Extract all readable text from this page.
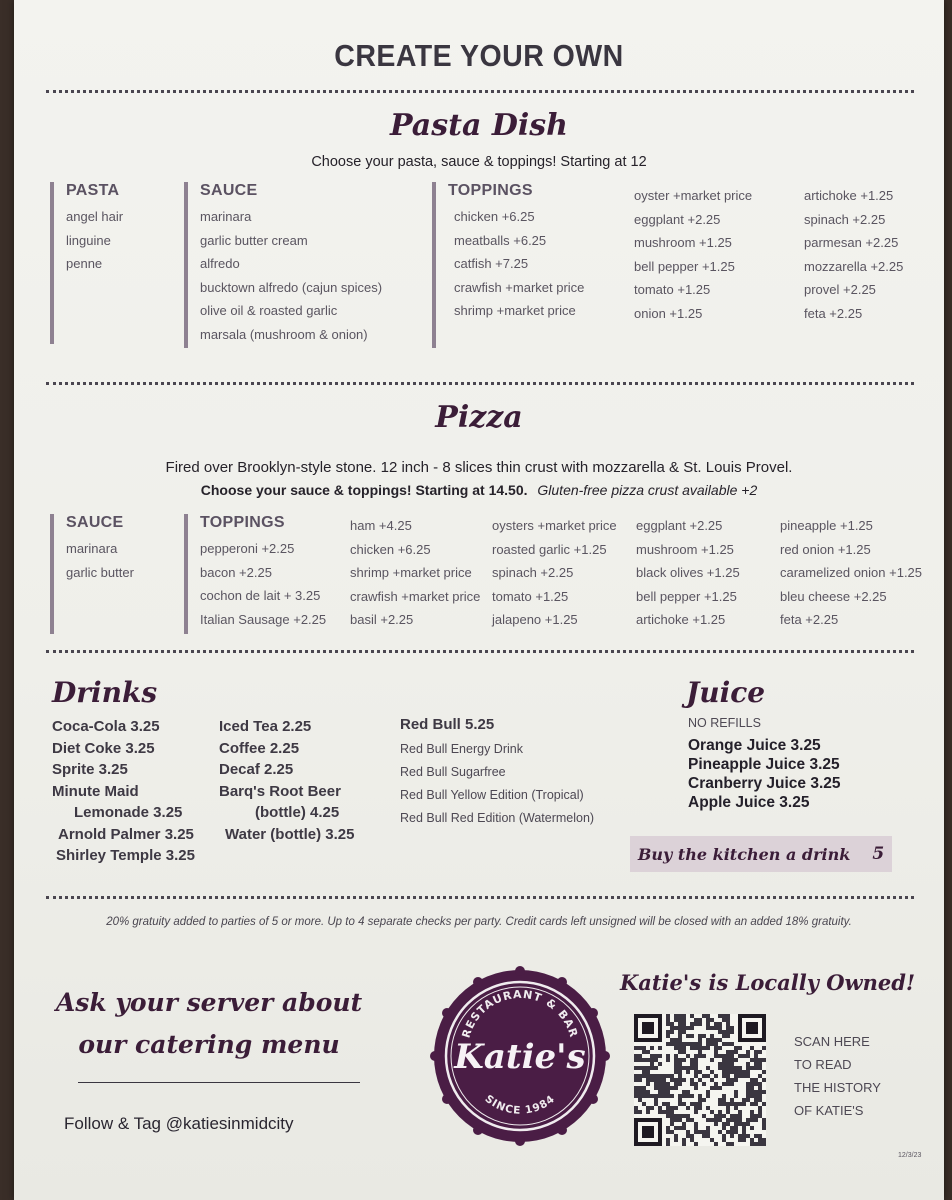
CREATE YOUR OWN
Pasta Dish
Choose your pasta, sauce & toppings! Starting at 12
PASTA
angel hair
linguine
penne
SAUCE
marinara
garlic butter cream
alfredo
bucktown alfredo (cajun spices)
olive oil & roasted garlic
marsala (mushroom & onion)
TOPPINGS
chicken +6.25
meatballs +6.25
catfish +7.25
crawfish +market price
shrimp +market price
oyster +market price
eggplant +2.25
mushroom +1.25
bell pepper +1.25
tomato +1.25
onion +1.25
artichoke +1.25
spinach +2.25
parmesan +2.25
mozzarella +2.25
provel +2.25
feta +2.25
Pizza
Fired over Brooklyn-style stone. 12 inch - 8 slices thin crust with mozzarella & St. Louis Provel.
Choose your sauce & toppings! Starting at 14.50. Gluten-free pizza crust available +2
SAUCE
marinara
garlic butter
TOPPINGS
pepperoni +2.25
bacon +2.25
cochon de lait + 3.25
Italian Sausage +2.25
ham +4.25
chicken +6.25
shrimp +market price
crawfish +market price
basil +2.25
oysters +market price
roasted garlic +1.25
spinach +2.25
tomato +1.25
jalapeno +1.25
eggplant +2.25
mushroom +1.25
black olives +1.25
bell pepper +1.25
artichoke +1.25
pineapple +1.25
red onion +1.25
caramelized onion +1.25
bleu cheese +2.25
feta +2.25
Drinks
Coca-Cola 3.25
Diet Coke 3.25
Sprite 3.25
Minute Maid
Lemonade 3.25
Arnold Palmer 3.25
Shirley Temple 3.25
Iced Tea 2.25
Coffee 2.25
Decaf 2.25
Barq's Root Beer
(bottle) 4.25
Water (bottle) 3.25
Red Bull 5.25
Red Bull Energy Drink
Red Bull Sugarfree
Red Bull Yellow Edition (Tropical)
Red Bull Red Edition (Watermelon)
Juice
NO REFILLS
Orange Juice 3.25
Pineapple Juice 3.25
Cranberry Juice 3.25
Apple Juice 3.25
Buy the kitchen a drink 5
20% gratuity added to parties of 5 or more. Up to 4 separate checks per party. Credit cards left unsigned will be closed with an added 18% gratuity.
Ask your server about
our catering menu
Follow & Tag @katiesinmidcity
RESTAURANT & BAR
SINCE 1984
Katie's
Katie's is Locally Owned!
SCAN HERE
TO READ
THE HISTORY
OF KATIE'S
12/3/23
